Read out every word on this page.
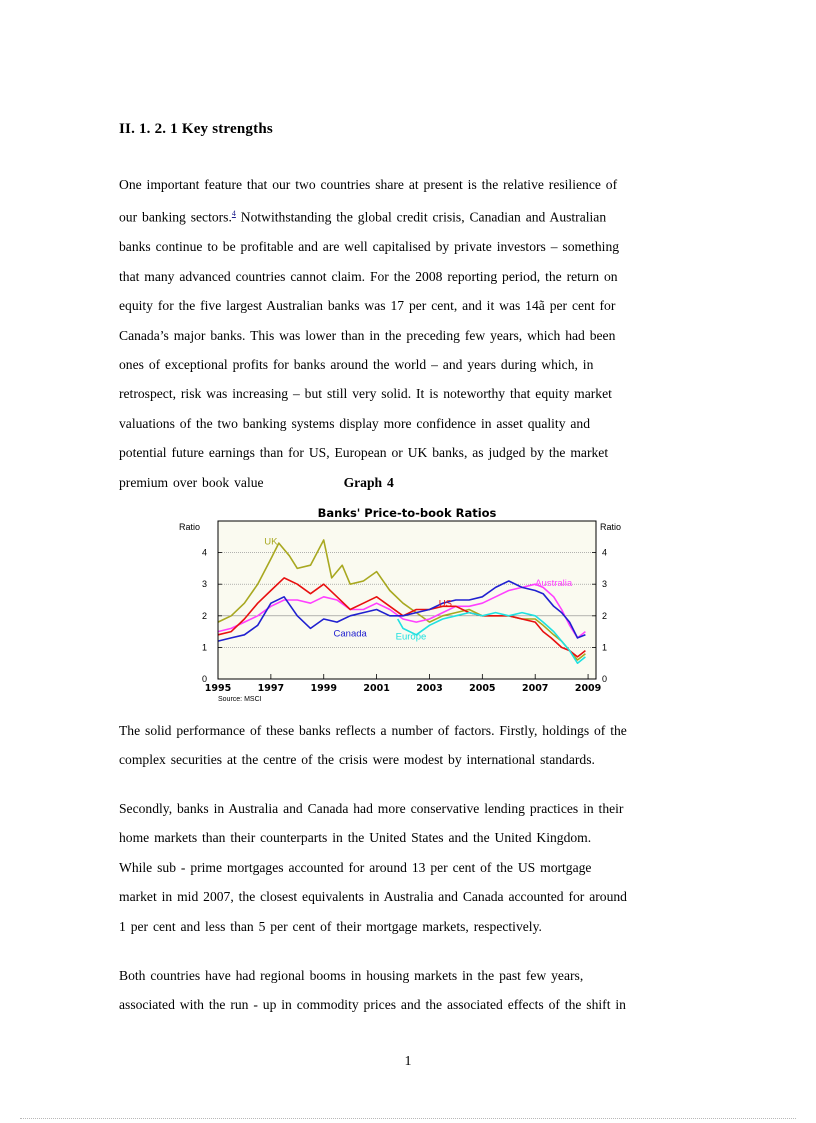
II. 1. 2. 1 Key strengths
One important feature that our two countries share at present is the relative resilience of
our banking sectors.$^4$ Notwithstanding the global credit crisis, Canadian and Australian
banks continue to be profitable and are well capitalised by private investors – something
that many advanced countries cannot claim. For the 2008 reporting period, the return on
equity for the five largest Australian banks was 17 per cent, and it was 14ã per cent for
Canada’s major banks. This was lower than in the preceding few years, which had been
ones of exceptional profits for banks around the world – and years during which, in
retrospect, risk was increasing – but still very solid. It is noteworthy that equity market
valuations of the two banking systems display more confidence in asset quality and
potential future earnings than for US, European or UK banks, as judged by the market
premium over book value	Graph 4
Banks' Price-to-book Ratios
Ratio	Ratio
0	0
1	1
2	2
3	3
4	4
1995	1997	1999	2001	2003	2005	2007	2009
Source: MSCI
UK
Australia
US
Canada	Europe
The solid performance of these banks reflects a number of factors. Firstly, holdings of the
complex securities at the centre of the crisis were modest by international standards.
Secondly, banks in Australia and Canada had more conservative lending practices in their
home markets than their counterparts in the United States and the United Kingdom.
While sub - prime mortgages accounted for around 13 per cent of the US mortgage
market in mid 2007, the closest equivalents in Australia and Canada accounted for around
1 per cent and less than 5 per cent of their mortgage markets, respectively.
Both countries have had regional booms in housing markets in the past few years,
associated with the run - up in commodity prices and the associated effects of the shift in
1
